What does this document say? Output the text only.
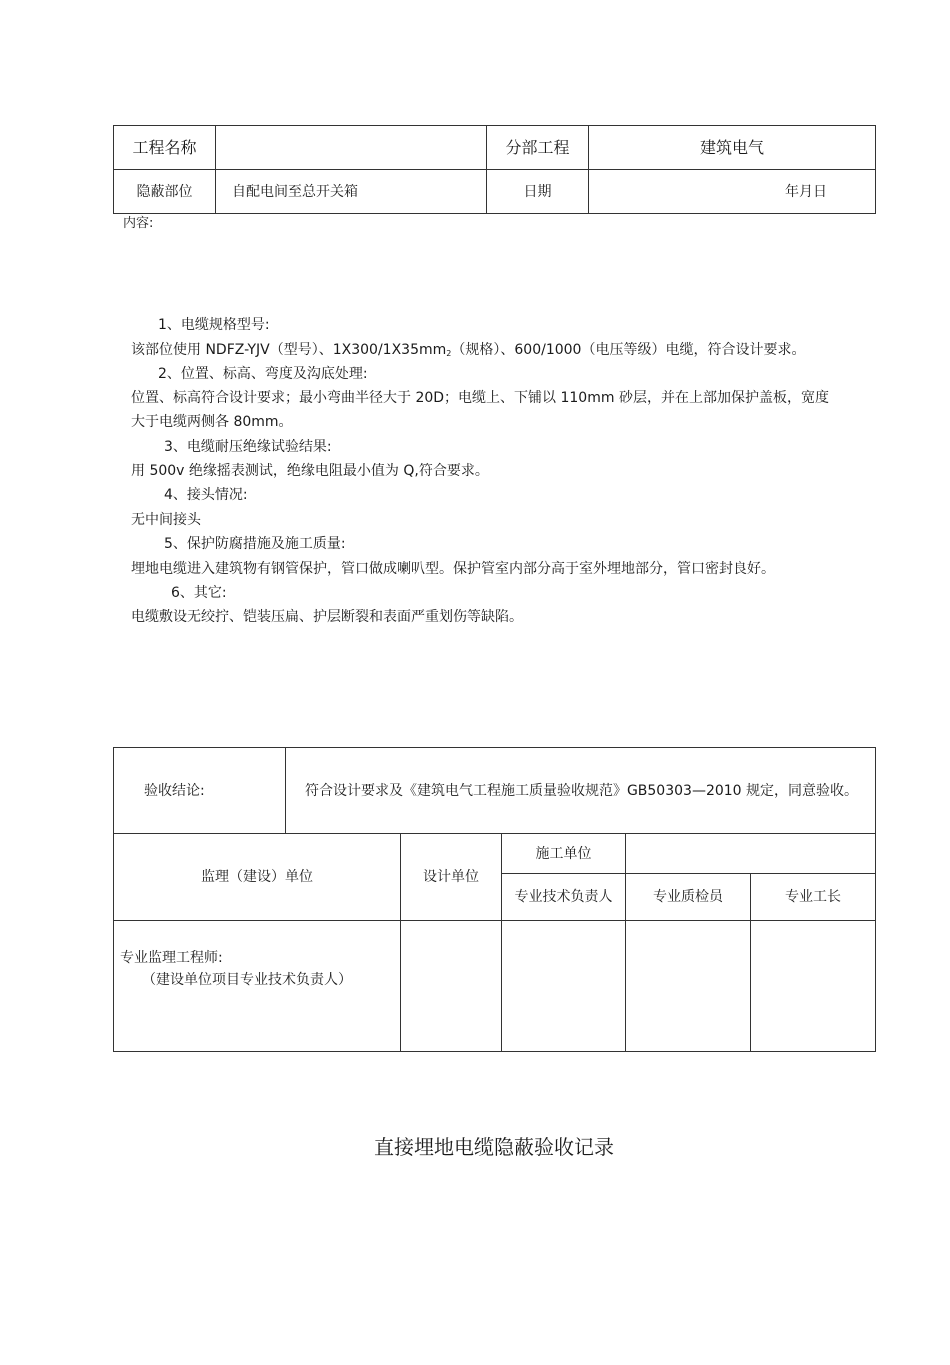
工程名称		分部工程	建筑电气
隐蔽部位	自配电间至总开关箱	日期	年月日
内容:
1、电缆规格型号:
该部位使用 NDFZ-YJV（型号）、$1X300/1X35mm_2$（规格）、600/1000（电压等级）电缆，符合设计要求。
2、位置、标高、弯度及沟底处理:
位置、标高符合设计要求；最小弯曲半径大于 20D；电缆上、下铺以 110mm 砂层，并在上部加保护盖板，宽度
大于电缆两侧各 80mm。
3、电缆耐压绝缘试验结果:
用 500v 绝缘摇表测试，绝缘电阻最小值为 Q,符合要求。
4、接头情况:
无中间接头
5、保护防腐措施及施工质量:
埋地电缆进入建筑物有钢管保护，管口做成喇叭型。保护管室内部分高于室外埋地部分，管口密封良好。
6、其它:
电缆敷设无绞拧、铠装压扁、护层断裂和表面严重划伤等缺陷。
验收结论:	符合设计要求及《建筑电气工程施工质量验收规范》GB50303—2010 规定，同意验收。
监理（建设）单位	设计单位	施工单位		
		专业技术负责人	专业质检员	专业工长

专业监理工程师:
（建设单位项目专业技术负责人）				

直接埋地电缆隐蔽验收记录
